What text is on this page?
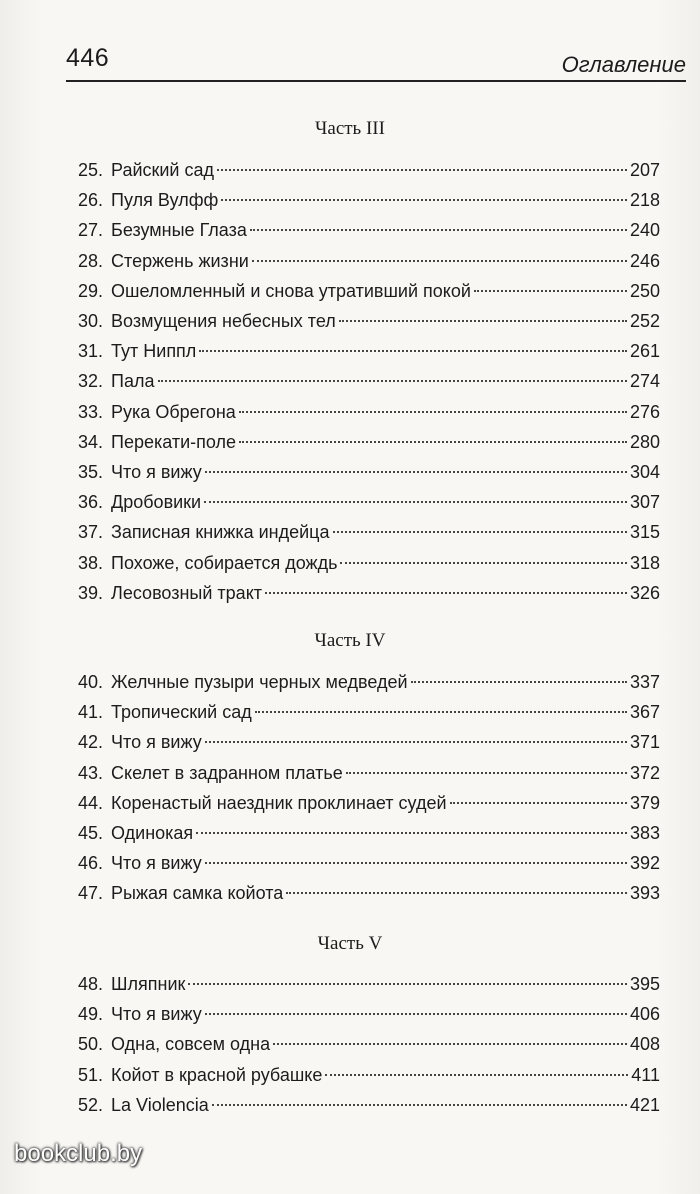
446	Оглавление
Часть III
25. Райский сад	207
26. Пуля Вулфф	218
27. Безумные Глаза	240
28. Стержень жизни	246
29. Ошеломленный и снова утративший покой	250
30. Возмущения небесных тел	252
31. Тут Ниппл	261
32. Пала	274
33. Рука Обрегона	276
34. Перекати-поле	280
35. Что я вижу	304
36. Дробовики	307
37. Записная книжка индейца	315
38. Похоже, собирается дождь	318
39. Лесовозный тракт	326
Часть IV
40. Желчные пузыри черных медведей	337
41. Тропический сад	367
42. Что я вижу	371
43. Скелет в задранном платье	372
44. Коренастый наездник проклинает судей	379
45. Одинокая	383
46. Что я вижу	392
47. Рыжая самка койота	393
Часть V
48. Шляпник	395
49. Что я вижу	406
50. Одна, совсем одна	408
51. Койот в красной рубашке	411
52. La Violencia	421
bookclub.by
